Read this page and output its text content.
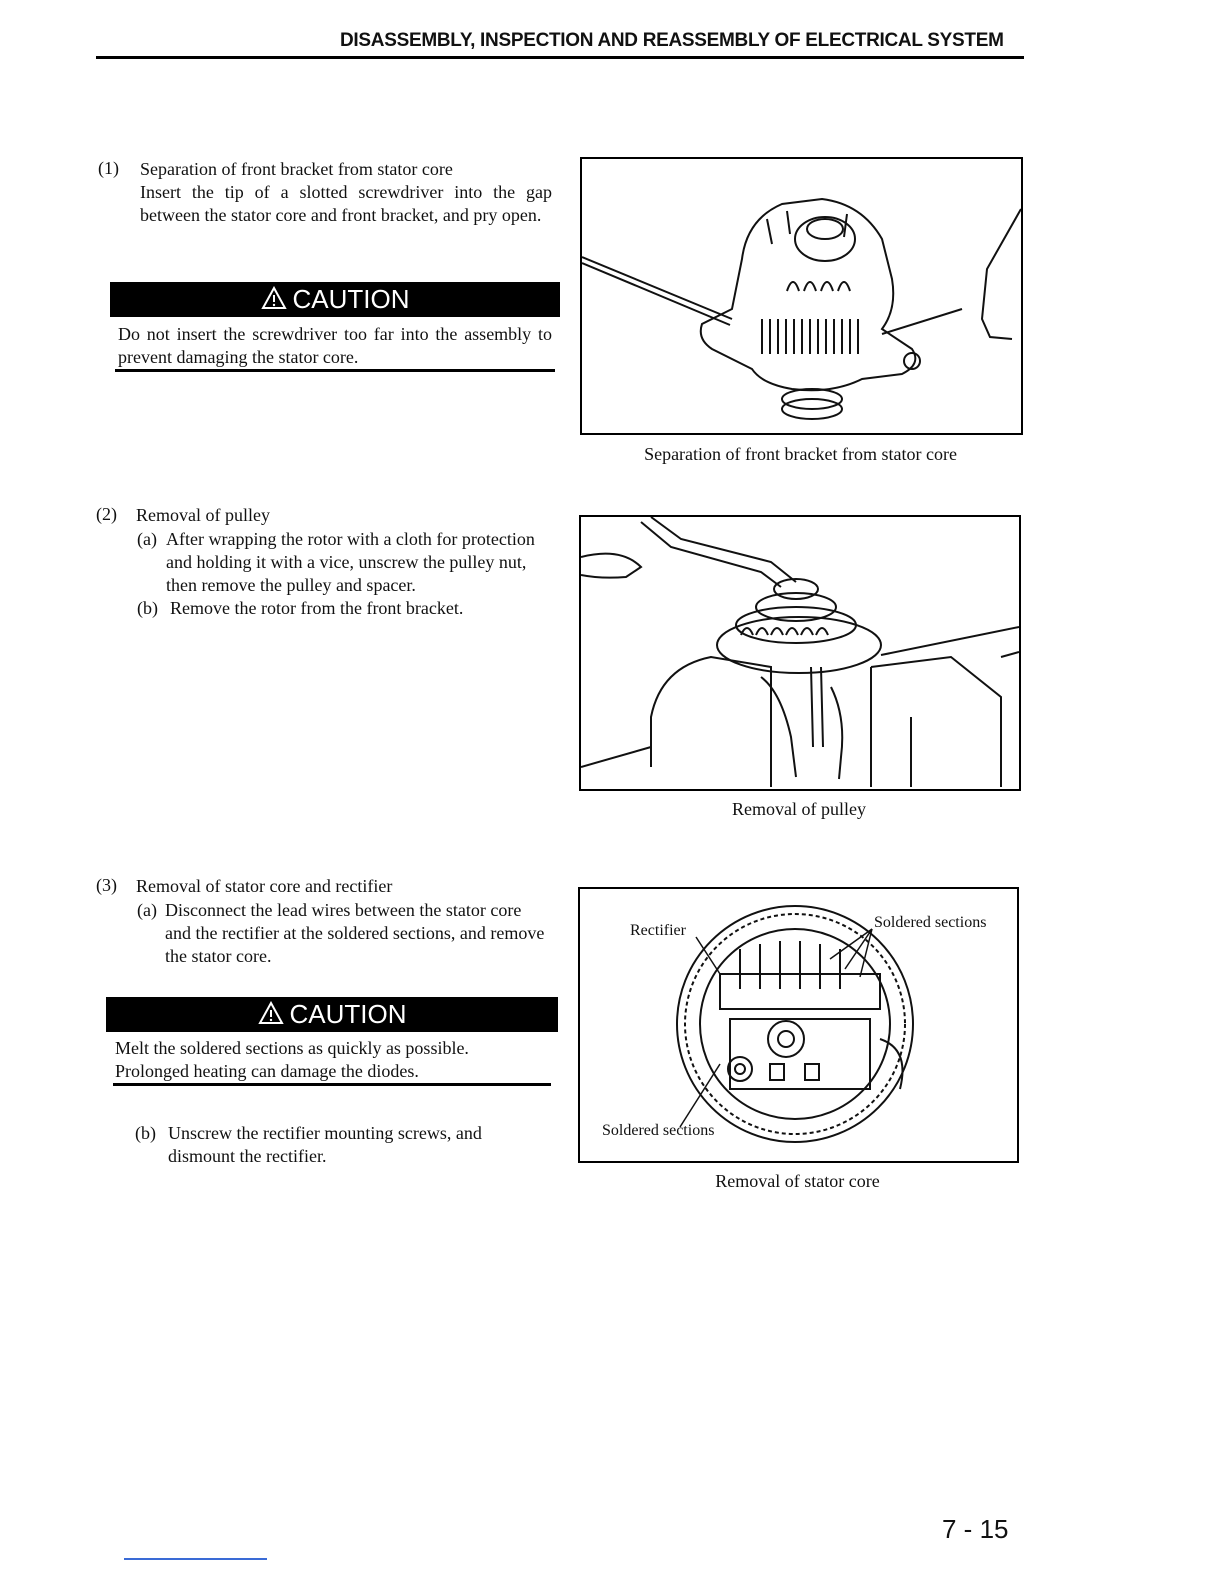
DISASSEMBLY, INSPECTION AND REASSEMBLY OF ELECTRICAL SYSTEM
(1) Separation of front bracket from stator core
Insert the tip of a slotted screwdriver into the gap between the stator core and front bracket, and pry open.
CAUTION
Do not insert the screwdriver too far into the assembly to prevent damaging the stator core.
Separation of front bracket from stator core
(2) Removal of pulley
(a) After wrapping the rotor with a cloth for protection and holding it with a vice, unscrew the pulley nut, then remove the pulley and spacer.
(b) Remove the rotor from the front bracket.
Removal of pulley
(3) Removal of stator core and rectifier
(a) Disconnect the lead wires between the stator core and the rectifier at the soldered sections, and remove the stator core.
CAUTION
Melt the soldered sections as quickly as possible. Prolonged heating can damage the diodes.
(b) Unscrew the rectifier mounting screws, and dismount the rectifier.
Rectifier	Soldered sections
Soldered sections
Removal of stator core
7 - 15
